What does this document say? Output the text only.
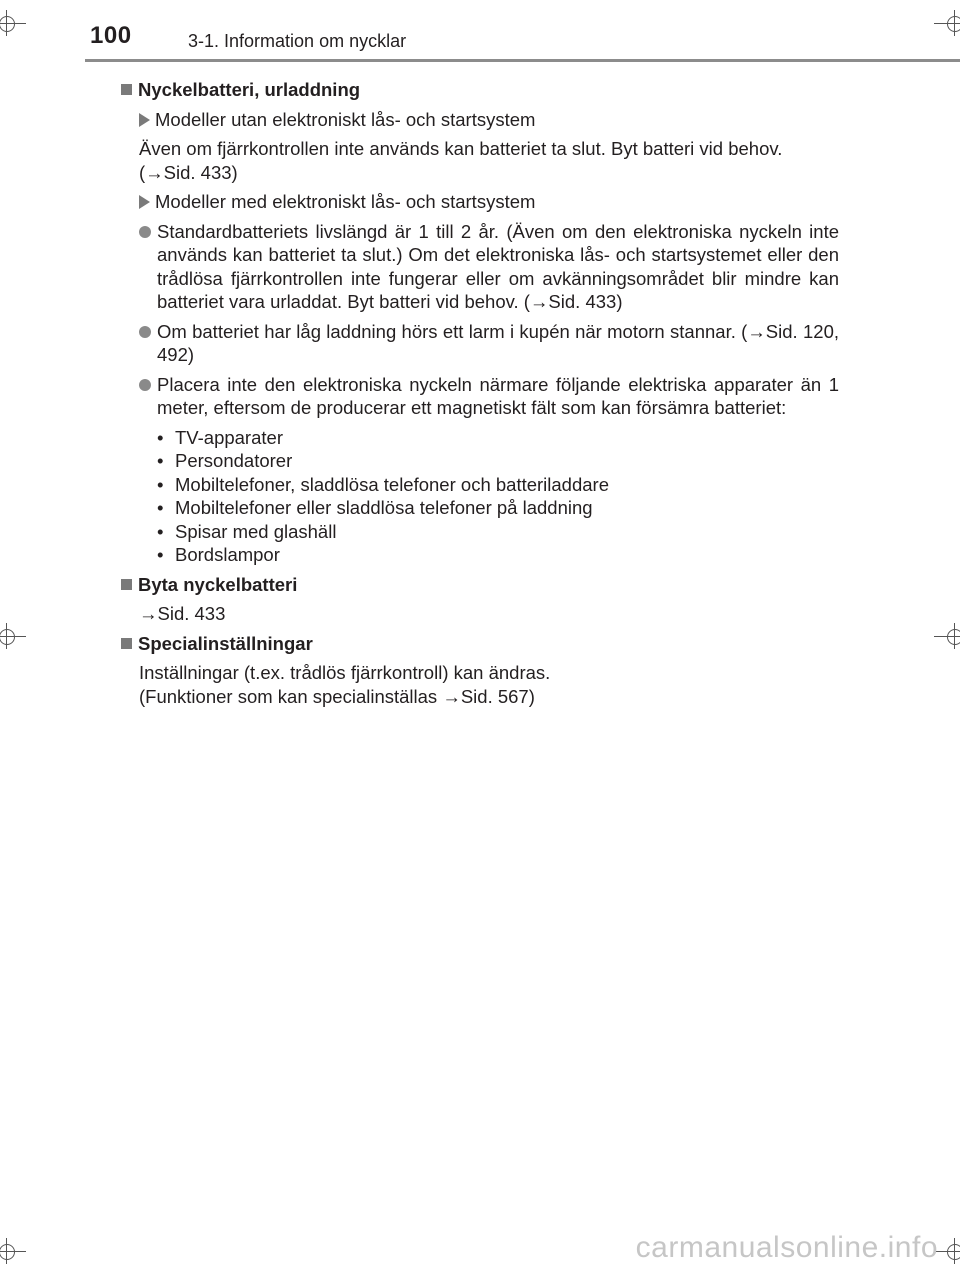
100	3-1. Information om nycklar
Nyckelbatteri, urladdning
Modeller utan elektroniskt lås- och startsystem
Även om fjärrkontrollen inte används kan batteriet ta slut. Byt batteri vid behov. (→Sid. 433)
Modeller med elektroniskt lås- och startsystem
Standardbatteriets livslängd är 1 till 2 år. (Även om den elektroniska nyckeln inte används kan batteriet ta slut.) Om det elektroniska lås- och startsystemet eller den trådlösa fjärrkontrollen inte fungerar eller om avkänningsområdet blir mindre kan batteriet vara urladdat. Byt batteri vid behov. (→Sid. 433)
Om batteriet har låg laddning hörs ett larm i kupén när motorn stannar. (→Sid. 120, 492)
Placera inte den elektroniska nyckeln närmare följande elektriska apparater än 1 meter, eftersom de producerar ett magnetiskt fält som kan försämra batteriet:
• TV-apparater
• Persondatorer
• Mobiltelefoner, sladdlösa telefoner och batteriladdare
• Mobiltelefoner eller sladdlösa telefoner på laddning
• Spisar med glashäll
• Bordslampor
Byta nyckelbatteri
→Sid. 433
Specialinställningar
Inställningar (t.ex. trådlös fjärrkontroll) kan ändras.
(Funktioner som kan specialinställas →Sid. 567)
carmanualsonline.info
